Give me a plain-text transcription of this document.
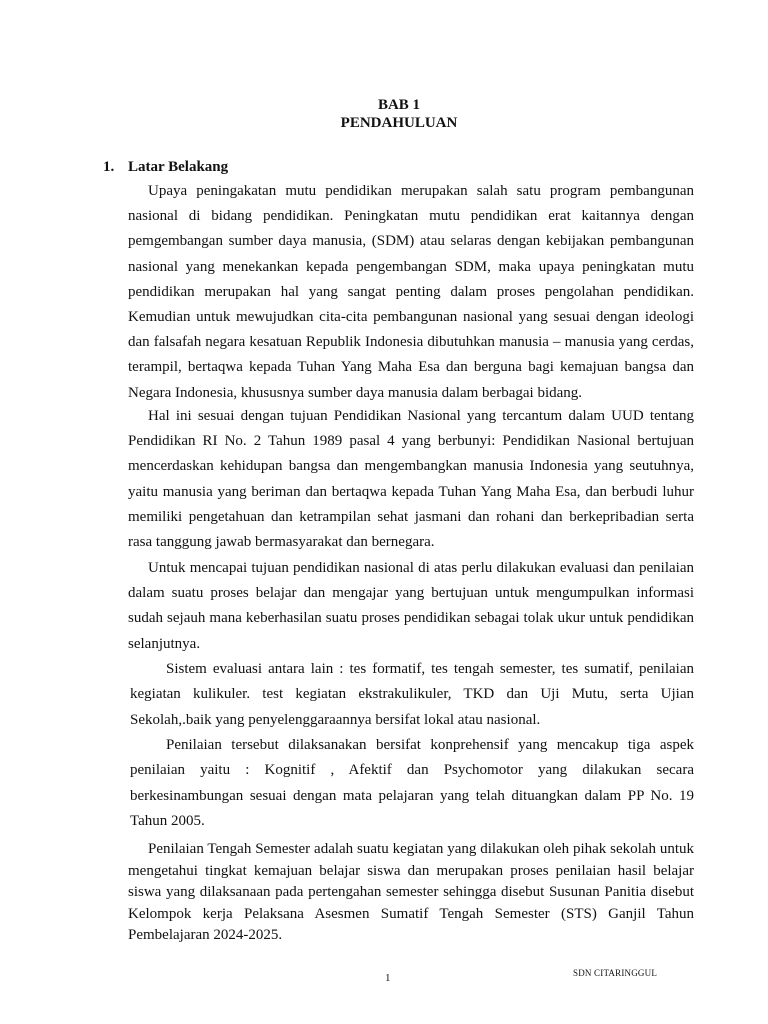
BAB 1
PENDAHULUAN
1. Latar Belakang

Upaya peningakatan mutu pendidikan merupakan salah satu program pembangunan nasional di bidang pendidikan. Peningkatan mutu pendidikan erat kaitannya dengan pemgembangan sumber daya manusia, (SDM) atau selaras dengan kebijakan pembangunan nasional yang menekankan kepada pengembangan SDM, maka upaya peningkatan mutu pendidikan merupakan hal yang sangat penting dalam proses pengolahan pendidikan. Kemudian untuk mewujudkan cita-cita pembangunan nasional yang sesuai dengan ideologi dan falsafah negara kesatuan Republik Indonesia dibutuhkan manusia – manusia yang cerdas, terampil, bertaqwa kepada Tuhan Yang Maha Esa dan berguna bagi kemajuan bangsa dan Negara Indonesia, khususnya sumber daya manusia dalam berbagai bidang.

Hal ini sesuai dengan tujuan Pendidikan Nasional yang tercantum dalam UUD tentang Pendidikan RI No. 2 Tahun 1989 pasal 4 yang berbunyi: Pendidikan Nasional bertujuan mencerdaskan kehidupan bangsa dan mengembangkan manusia Indonesia yang seutuhnya, yaitu manusia yang beriman dan bertaqwa kepada Tuhan Yang Maha Esa, dan berbudi luhur memiliki pengetahuan dan ketrampilan sehat jasmani dan rohani dan berkepribadian serta rasa tanggung jawab bermasyarakat dan bernegara.

Untuk mencapai tujuan pendidikan nasional di atas perlu dilakukan evaluasi dan penilaian dalam suatu proses belajar dan mengajar yang bertujuan untuk mengumpulkan informasi sudah sejauh mana keberhasilan suatu proses pendidikan sebagai tolak ukur untuk pendidikan selanjutnya.

Sistem evaluasi antara lain : tes formatif, tes tengah semester, tes sumatif, penilaian kegiatan kulikuler. test kegiatan ekstrakulikuler, TKD dan Uji Mutu, serta Ujian Sekolah,.baik yang penyelenggaraannya bersifat lokal atau nasional.

Penilaian tersebut dilaksanakan bersifat konprehensif yang mencakup tiga aspek penilaian yaitu : Kognitif , Afektif dan Psychomotor yang dilakukan secara berkesinambungan sesuai dengan mata pelajaran yang telah dituangkan dalam PP No. 19 Tahun 2005.

Penilaian Tengah Semester adalah suatu kegiatan yang dilakukan oleh pihak sekolah untuk mengetahui tingkat kemajuan belajar siswa dan merupakan proses penilaian hasil belajar siswa yang dilaksanaan pada pertengahan semester sehingga disebut Susunan Panitia disebut Kelompok kerja Pelaksana Asesmen Sumatif Tengah Semester (STS) Ganjil Tahun Pembelajaran 2024-2025.

1	SDN CITARINGGUL
